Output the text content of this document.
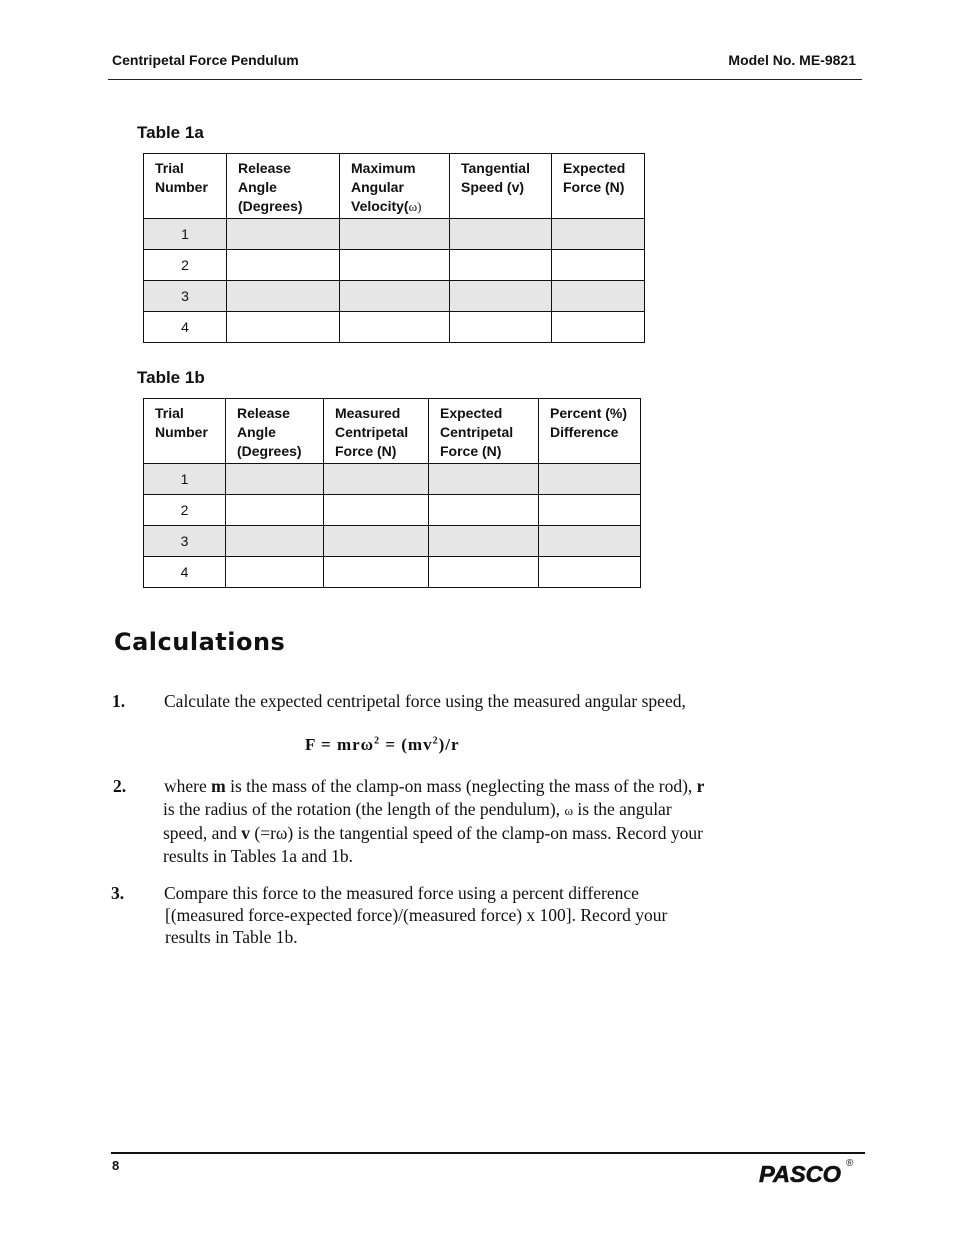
Centripetal Force Pendulum	Model No. ME-9821
Table 1a
Trial Number	Release Angle (Degrees)	Maximum Angular Velocity(ω)	Tangential Speed (v)	Expected Force (N)
1				
2				
3				
4				
Table 1b
Trial Number	Release Angle (Degrees)	Measured Centripetal Force (N)	Expected Centripetal Force (N)	Percent (%) Difference
1				
2				
3				
4				
Calculations
1. Calculate the expected centripetal force using the measured angular speed,
$F = mr\omega^2 = (mv^2)/r$
2. where m is the mass of the clamp-on mass (neglecting the mass of the rod), r is the radius of the rotation (the length of the pendulum), ω is the angular speed, and v (=rω) is the tangential speed of the clamp-on mass. Record your results in Tables 1a and 1b.
3. Compare this force to the measured force using a percent difference [(measured force-expected force)/(measured force) x 100]. Record your results in Table 1b.
8	PASCO ®
